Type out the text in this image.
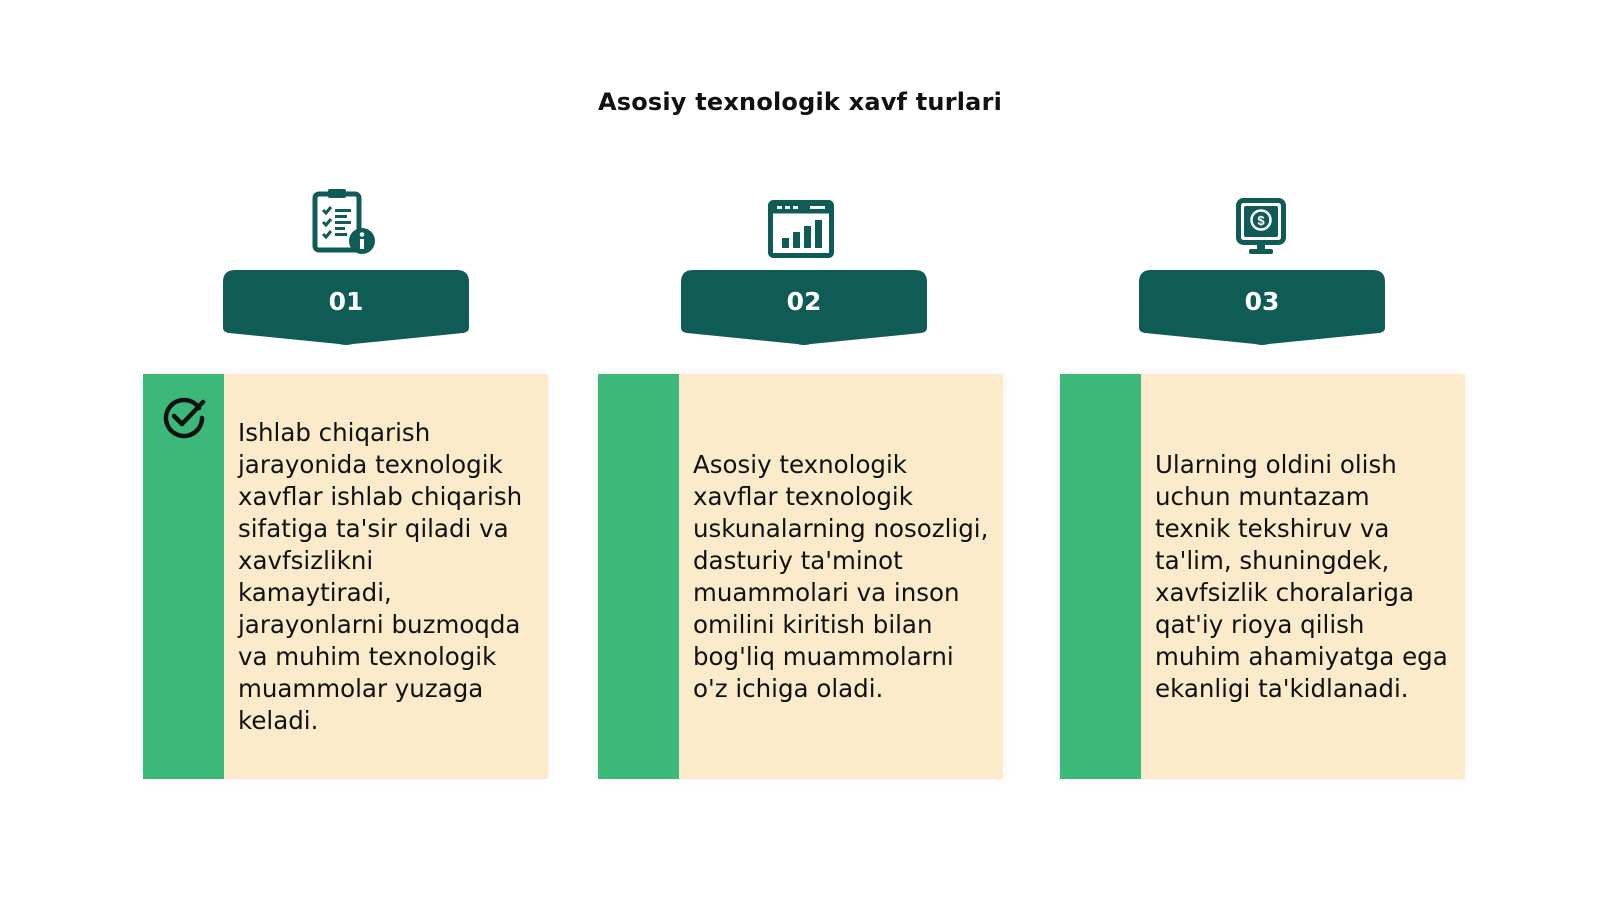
Asosiy texnologik xavf turlari
$
01	02	03
Ishlab chiqarish jarayonida texnologik xavflar ishlab chiqarish sifatiga ta'sir qiladi va xavfsizlikni kamaytiradi, jarayonlarni buzmoqda va muhim texnologik muammolar yuzaga keladi.
Asosiy texnologik xavflar texnologik uskunalarning nosozligi, dasturiy ta'minot muammolari va inson omilini kiritish bilan bog'liq muammolarni o'z ichiga oladi.
Ularning oldini olish uchun muntazam texnik tekshiruv va ta'lim, shuningdek, xavfsizlik choralariga qat'iy rioya qilish muhim ahamiyatga ega ekanligi ta'kidlanadi.
